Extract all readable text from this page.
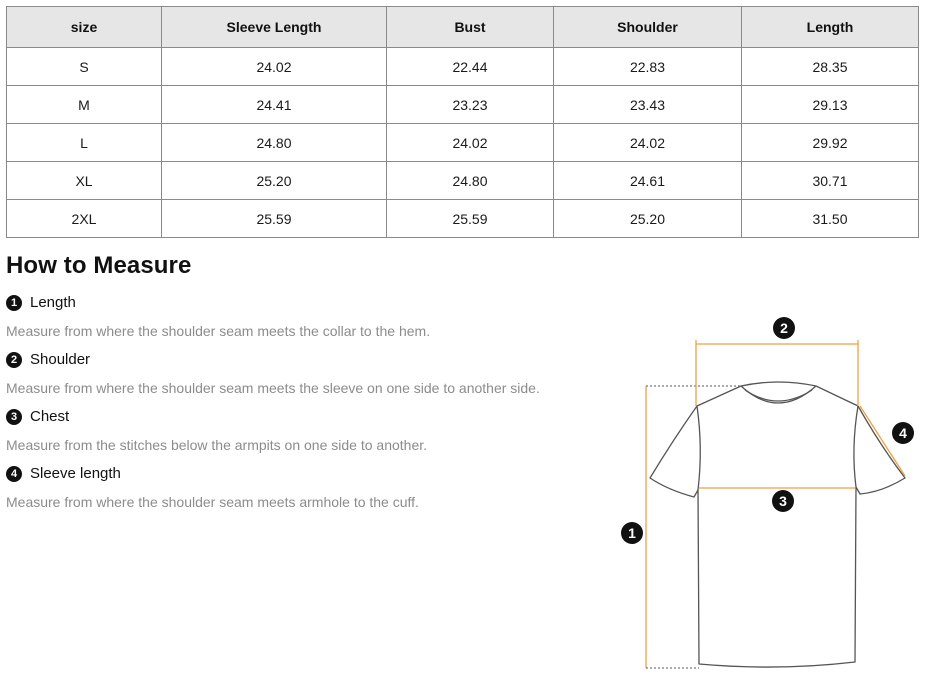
size	Sleeve Length	Bust	Shoulder	Length
S	24.02	22.44	22.83	28.35
M	24.41	23.23	23.43	29.13
L	24.80	24.02	24.02	29.92
XL	25.20	24.80	24.61	30.71
2XL	25.59	25.59	25.20	31.50
How to Measure
1 Length
Measure from where the shoulder seam meets the collar to the hem.
2 Shoulder
Measure from where the shoulder seam meets the sleeve on one side to another side.
3 Chest
Measure from the stitches below the armpits on one side to another.
4 Sleeve length
Measure from where the shoulder seam meets armhole to the cuff.
1
2
3
4
